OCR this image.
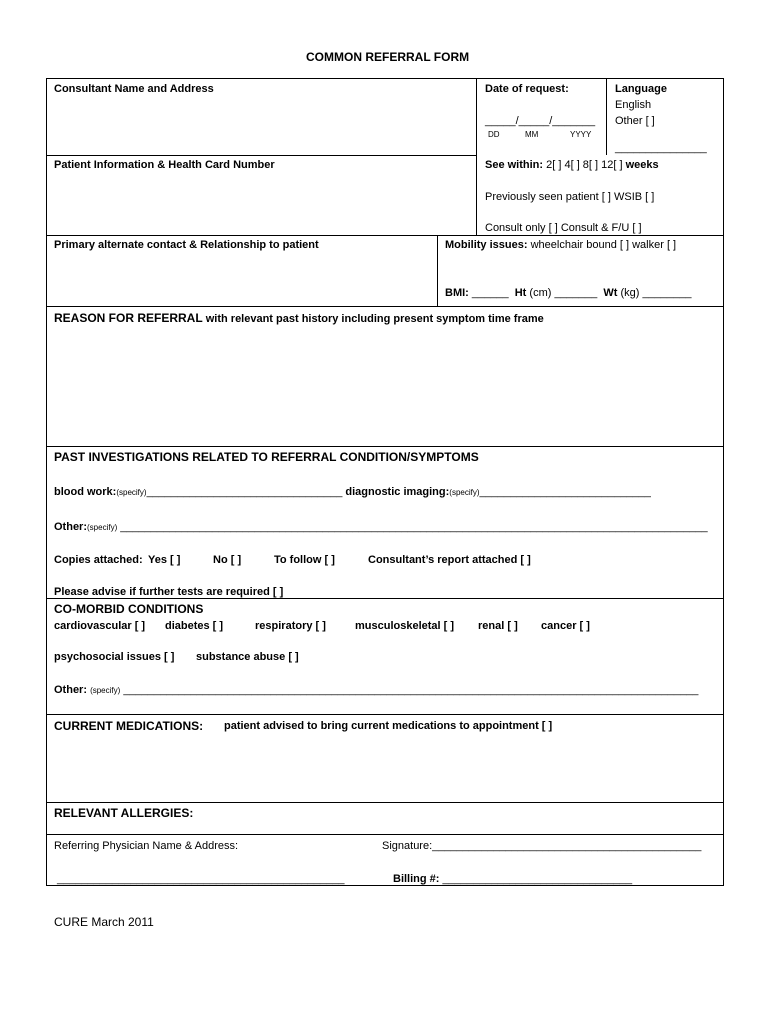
COMMON REFERRAL FORM
Consultant Name and Address	Date of request:
_____/_____/_______
DD	MM	YYYY
Language
English
Other [ ]
_______________
Patient Information & Health Card Number	See within: 2[ ] 4[ ] 8[ ] 12[ ] weeks
Previously seen patient [ ] WSIB [ ]
Consult only [ ] Consult & F/U [ ]
Primary alternate contact & Relationship to patient	Mobility issues: wheelchair bound [ ] walker [ ]
BMI: ______ Ht (cm) _______ Wt (kg) ________
REASON FOR REFERRAL with relevant past history including present symptom time frame
PAST INVESTIGATIONS RELATED TO REFERRAL CONDITION/SYMPTOMS
blood work:(specify)________________________________ diagnostic imaging:(specify)____________________________
Other:(specify) ________________________________________________________________________________________________
Copies attached: Yes [ ]	No [ ]	To follow [ ]	Consultant’s report attached [ ]
Please advise if further tests are required [ ]
CO-MORBID CONDITIONS
cardiovascular [ ] diabetes [ ]	respiratory [ ]	musculoskeletal [ ] renal [ ] cancer [ ]
psychosocial issues [ ] substance abuse [ ]
Other: (specify) ______________________________________________________________________________________________
CURRENT MEDICATIONS: patient advised to bring current medications to appointment [ ]
RELEVANT ALLERGIES:
Referring Physician Name & Address:	Signature:____________________________________________
_______________________________________________	Billing #: _______________________________
CURE March 2011
